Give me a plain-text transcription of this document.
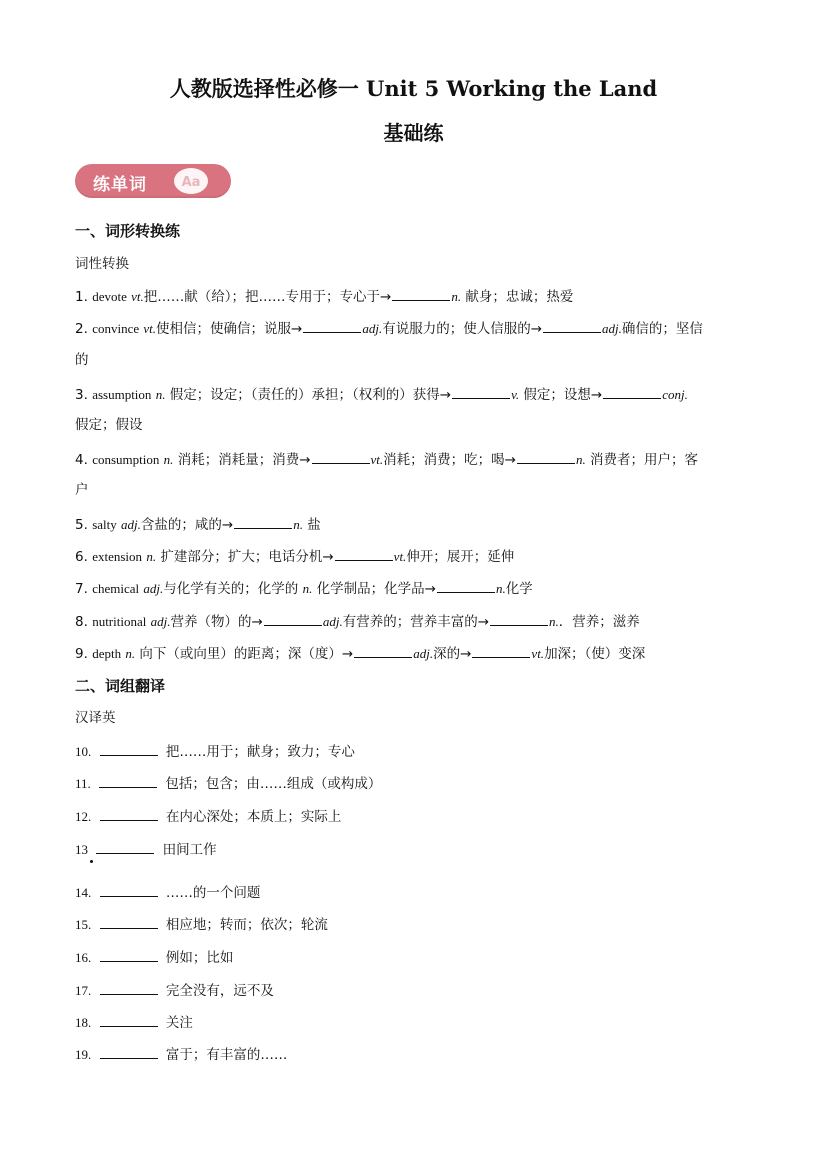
人教版选择性必修一 Unit 5 Working the Land
基础练
练单词	Aa
一、词形转换练
词性转换
1. devote vt.把……献（给）；把……专用于；专心于→	n. 献身；忠诚；热爱
2. convince vt.使相信；使确信；说服→	adj.有说服力的；使人信服的→	adj.确信的；坚信
的
3. assumption n. 假定；设定；（责任的）承担；（权利的）获得→	v. 假定；设想→	conj.
假定；假设
4. consumption n. 消耗；消耗量；消费→	vt.消耗；消费；吃；喝→	n. 消费者；用户；客
户
5. salty adj.含盐的；咸的→	n. 盐
6. extension n. 扩建部分；扩大；电话分机→	vt.伸开；展开；延伸
7. chemical adj.与化学有关的；化学的 n. 化学制品；化学品→	n.化学
8. nutritional adj.营养（物）的→	adj.有营养的；营养丰富的→	n.．营养；滋养
9. depth n. 向下（或向里）的距离；深（度）→	adj.深的→	vt.加深；（使）变深
二、词组翻译
汉译英
10.	把……用于；献身；致力；专心
11.	包括；包含；由……组成（或构成）
12.	在内心深处；本质上；实际上
13	田间工作
14.	……的一个问题
15.	相应地；转而；依次；轮流
16.	例如；比如
17.	完全没有，远不及
18.	关注
19.	富于；有丰富的……
